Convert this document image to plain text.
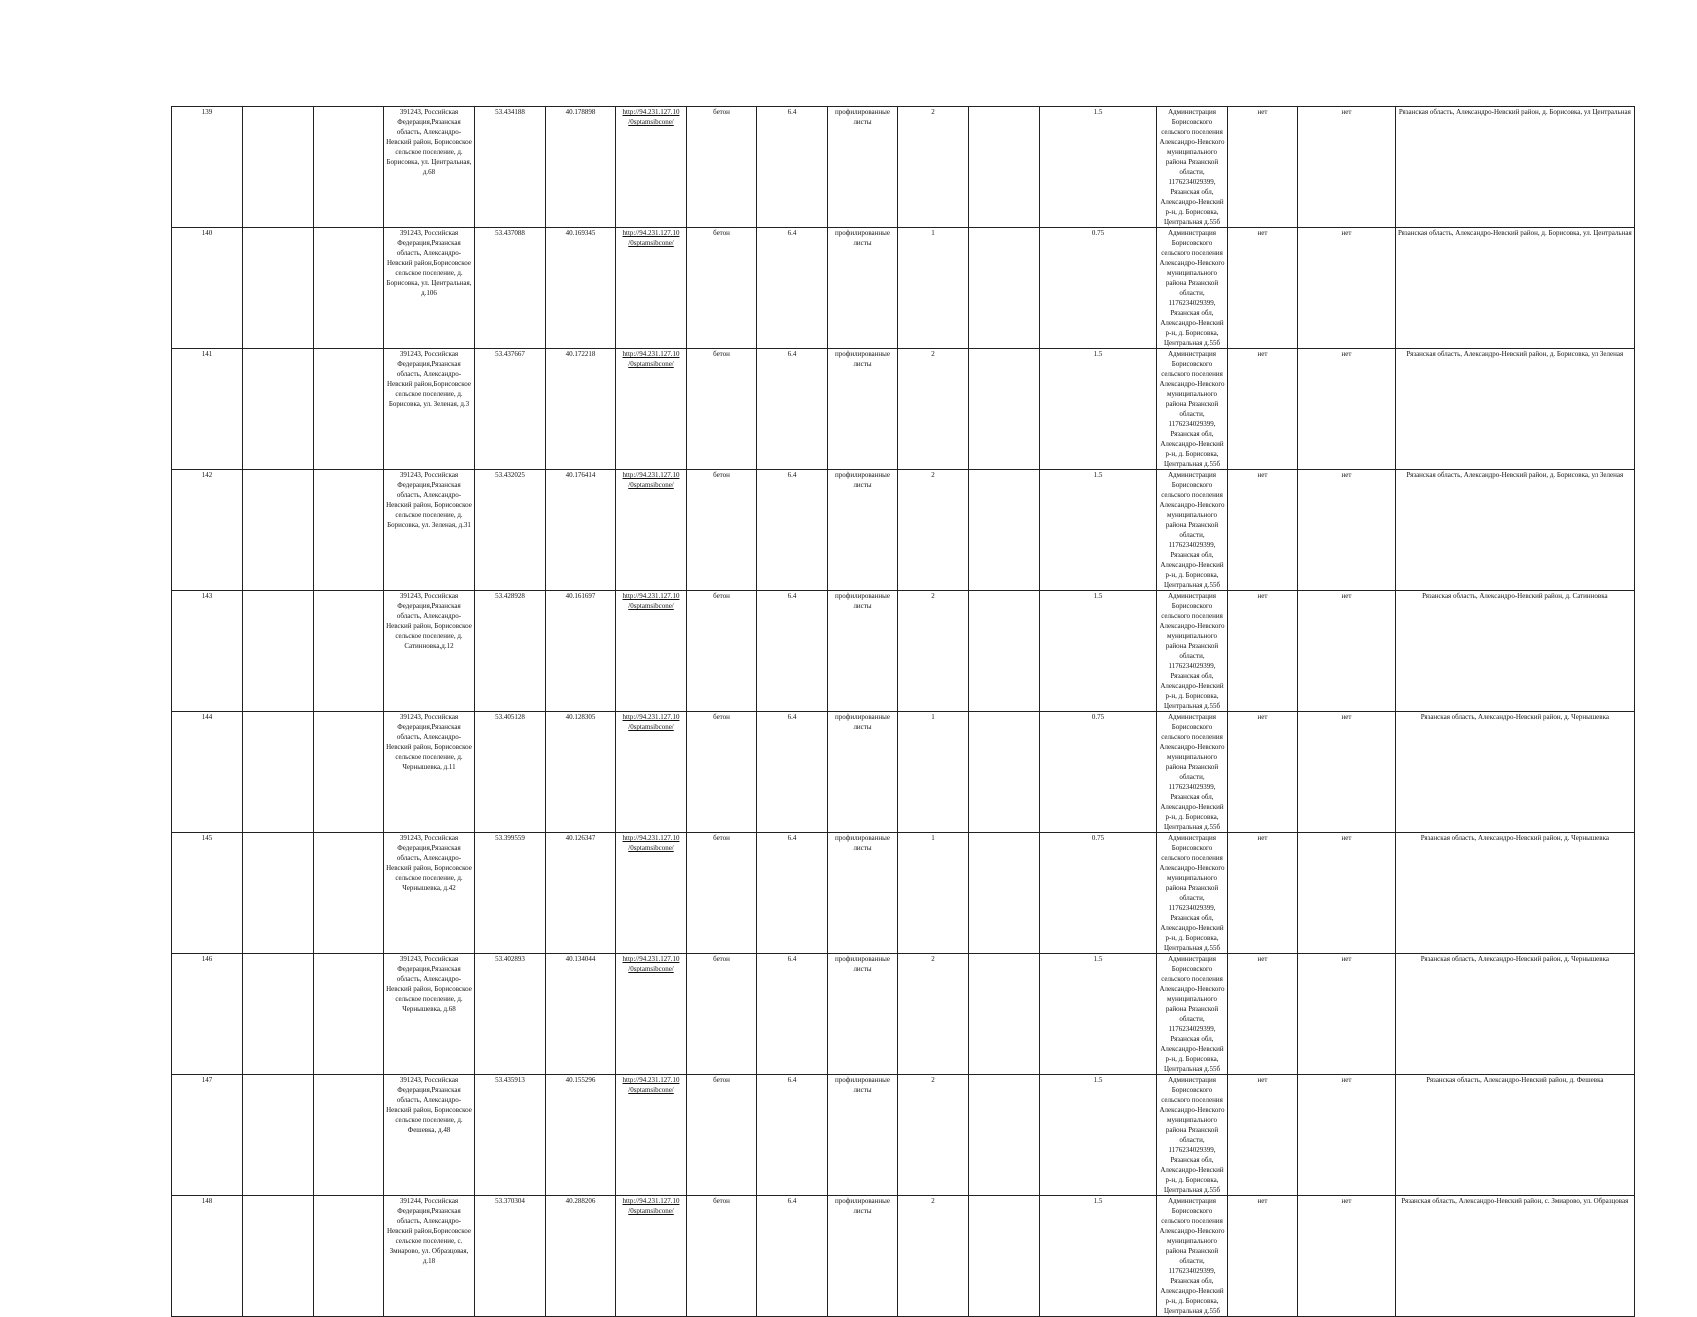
139			391243, Российская Федерация,Рязанская область, Александро-Невский район, Борисовское сельское поселение, д. Борисовка, ул. Центральная, д.68	53.434188	40.178898	http://94.231.127.10 /0sptamsibcone/	бетон	6.4	профилированные листы	2		1.5	Администрация Борисовского сельского поселения Александро-Невского муниципального района Рязанской области, 1176234029399, Рязанская обл, Александро-Невский р-н, д. Борисовка, Центральная д.55б	нет	нет	Рязанская область, Александро-Невский район, д. Борисовка, ул Центральная
140			391243, Российская Федерация,Рязанская область, Александро-Невский район,Борисовское сельское поселение, д. Борисовка, ул. Центральная, д.106	53.437088	40.169345	http://94.231.127.10 /0sptamsibcone/	бетон	6.4	профилированные листы	1		0.75	Администрация Борисовского сельского поселения Александро-Невского муниципального района Рязанской области, 1176234029399, Рязанская обл, Александро-Невский р-н, д. Борисовка, Центральная д.55б	нет	нет	Рязанская область, Александро-Невский район, д. Борисовка, ул. Центральная
141			391243, Российская Федерация,Рязанская область, Александро-Невский район,Борисовское сельское поселение, д. Борисовка, ул. Зеленая, д.3	53.437667	40.172218	http://94.231.127.10 /0sptamsibcone/	бетон	6.4	профилированные листы	2		1.5	Администрация Борисовского сельского поселения Александро-Невского муниципального района Рязанской области, 1176234029399, Рязанская обл, Александро-Невский р-н, д. Борисовка, Центральная д.55б	нет	нет	Рязанская область, Александро-Невский район, д. Борисовка, ул Зеленая
142			391243, Российская Федерация,Рязанская область, Александро-Невский район, Борисовское сельское поселение, д. Борисовка, ул. Зеленая, д.31	53.432025	40.176414	http://94.231.127.10 /0sptamsibcone/	бетон	6.4	профилированные листы	2		1.5	Администрация Борисовского сельского поселения Александро-Невского муниципального района Рязанской области, 1176234029399, Рязанская обл, Александро-Невский р-н, д. Борисовка, Центральная д.55б	нет	нет	Рязанская область, Александро-Невский район, д. Борисовка, ул Зеленая
143			391243, Российская Федерация,Рязанская область, Александро-Невский район, Борисовское сельское поселение, д. Сатинновка,д.12	53.428928	40.161697	http://94.231.127.10 /0sptamsibcone/	бетон	6.4	профилированные листы	2		1.5	Администрация Борисовского сельского поселения Александро-Невского муниципального района Рязанской области, 1176234029399, Рязанская обл, Александро-Невский р-н, д. Борисовка, Центральная д.55б	нет	нет	Рязанская область, Александро-Невский район, д. Сатинновка
144			391243, Российская Федерация,Рязанская область, Александро-Невский район, Борисовское сельское поселение, д. Чернышевка, д.11	53.405128	40.128305	http://94.231.127.10 /0sptamsibcone/	бетон	6.4	профилированные листы	1		0.75	Администрация Борисовского сельского поселения Александро-Невского муниципального района Рязанской области, 1176234029399, Рязанская обл, Александро-Невский р-н, д. Борисовка, Центральная д.55б	нет	нет	Рязанская область, Александро-Невский район, д. Чернышевка
145			391243, Российская Федерация,Рязанская область, Александро-Невский район, Борисовское сельское поселение, д. Чернышевка, д.42	53.399559	40.126347	http://94.231.127.10 /0sptamsibcone/	бетон	6.4	профилированные листы	1		0.75	Администрация Борисовского сельского поселения Александро-Невского муниципального района Рязанской области, 1176234029399, Рязанская обл, Александро-Невский р-н, д. Борисовка, Центральная д.55б	нет	нет	Рязанская область, Александро-Невский район, д. Чернышевка
146			391243, Российская Федерация,Рязанская область, Александро-Невский район, Борисовское сельское поселение, д. Чернышевка, д.68	53.402893	40.134044	http://94.231.127.10 /0sptamsibcone/	бетон	6.4	профилированные листы	2		1.5	Администрация Борисовского сельского поселения Александро-Невского муниципального района Рязанской области, 1176234029399, Рязанская обл, Александро-Невский р-н, д. Борисовка, Центральная д.55б	нет	нет	Рязанская область, Александро-Невский район, д. Чернышевка
147			391243, Российская Федерация,Рязанская область, Александро-Невский район, Борисовское сельское поселение, д. Фешевка, д.48	53.435913	40.155296	http://94.231.127.10 /0sptamsibcone/	бетон	6.4	профилированные листы	2		1.5	Администрация Борисовского сельского поселения Александро-Невского муниципального района Рязанской области, 1176234029399, Рязанская обл, Александро-Невский р-н, д. Борисовка, Центральная д.55б	нет	нет	Рязанская область, Александро-Невский район, д. Фешевка
148			391244, Российская Федерация,Рязанская область, Александро-Невский район,Борисовское сельское поселение, с. Змиарово, ул. Образцовая, д.18	53.370304	40.288206	http://94.231.127.10 /0sptamsibcone/	бетон	6.4	профилированные листы	2		1.5	Администрация Борисовского сельского поселения Александро-Невского муниципального района Рязанской области, 1176234029399, Рязанская обл, Александро-Невский р-н, д. Борисовка, Центральная д.55б	нет	нет	Рязанская область, Александро-Невский район, с. Змиарово, ул. Образцовая
